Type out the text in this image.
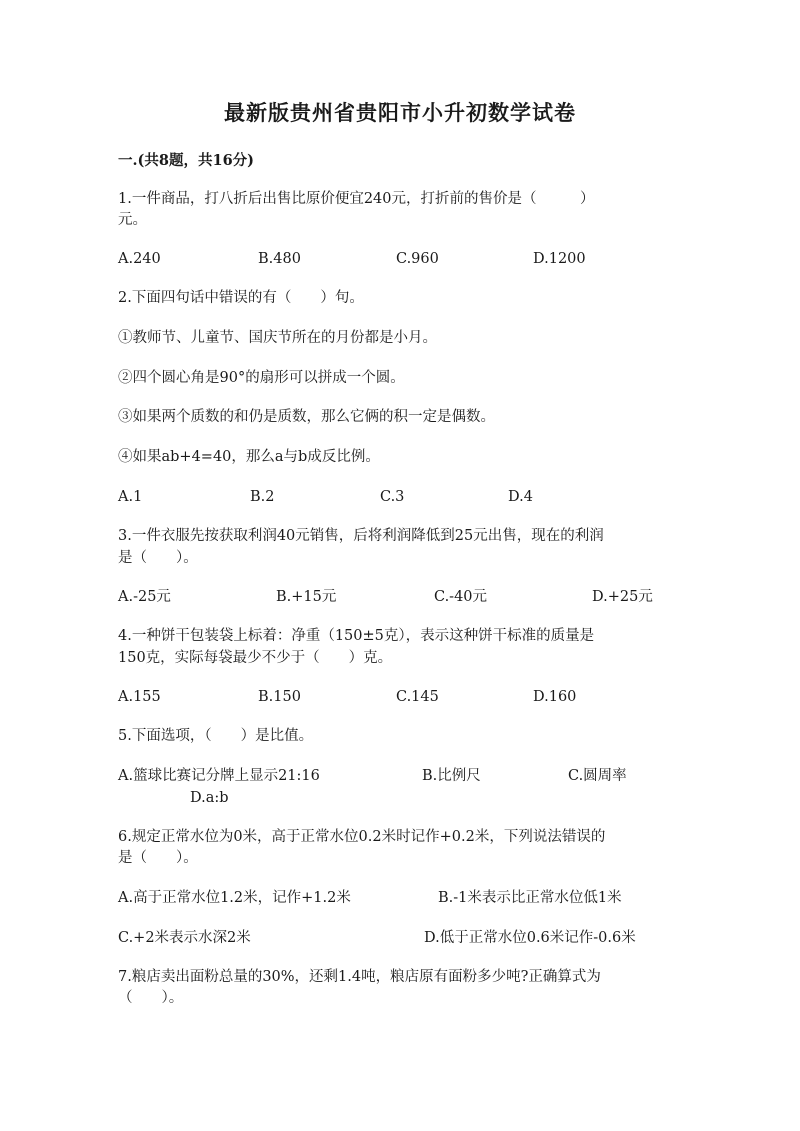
最新版贵州省贵阳市小升初数学试卷
一.(共8题，共16分)
1.一件商品，打八折后出售比原价便宜240元，打折前的售价是（　　　）
元。
A.240	B.480	C.960	D.1200
2.下面四句话中错误的有（　　）句。
①教师节、儿童节、国庆节所在的月份都是小月。
②四个圆心角是90°的扇形可以拼成一个圆。
③如果两个质数的和仍是质数，那么它俩的积一定是偶数。
④如果ab+4=40，那么a与b成反比例。
A.1	B.2	C.3	D.4
3.一件衣服先按获取利润40元销售，后将利润降低到25元出售，现在的利润
是（　　）。
A.-25元	B.+15元	C.-40元	D.+25元
4.一种饼干包装袋上标着：净重（150±5克），表示这种饼干标准的质量是
150克，实际每袋最少不少于（　　）克。
A.155	B.150	C.145	D.160
5.下面选项，（　　）是比值。
A.篮球比赛记分牌上显示21:16	B.比例尺	C.圆周率
D.a:b
6.规定正常水位为0米，高于正常水位0.2米时记作+0.2米，下列说法错误的
是（　　）。
A.高于正常水位1.2米，记作+1.2米	B.-1米表示比正常水位低1米
C.+2米表示水深2米	D.低于正常水位0.6米记作-0.6米
7.粮店卖出面粉总量的30%，还剩1.4吨，粮店原有面粉多少吨?正确算式为
（　　）。
